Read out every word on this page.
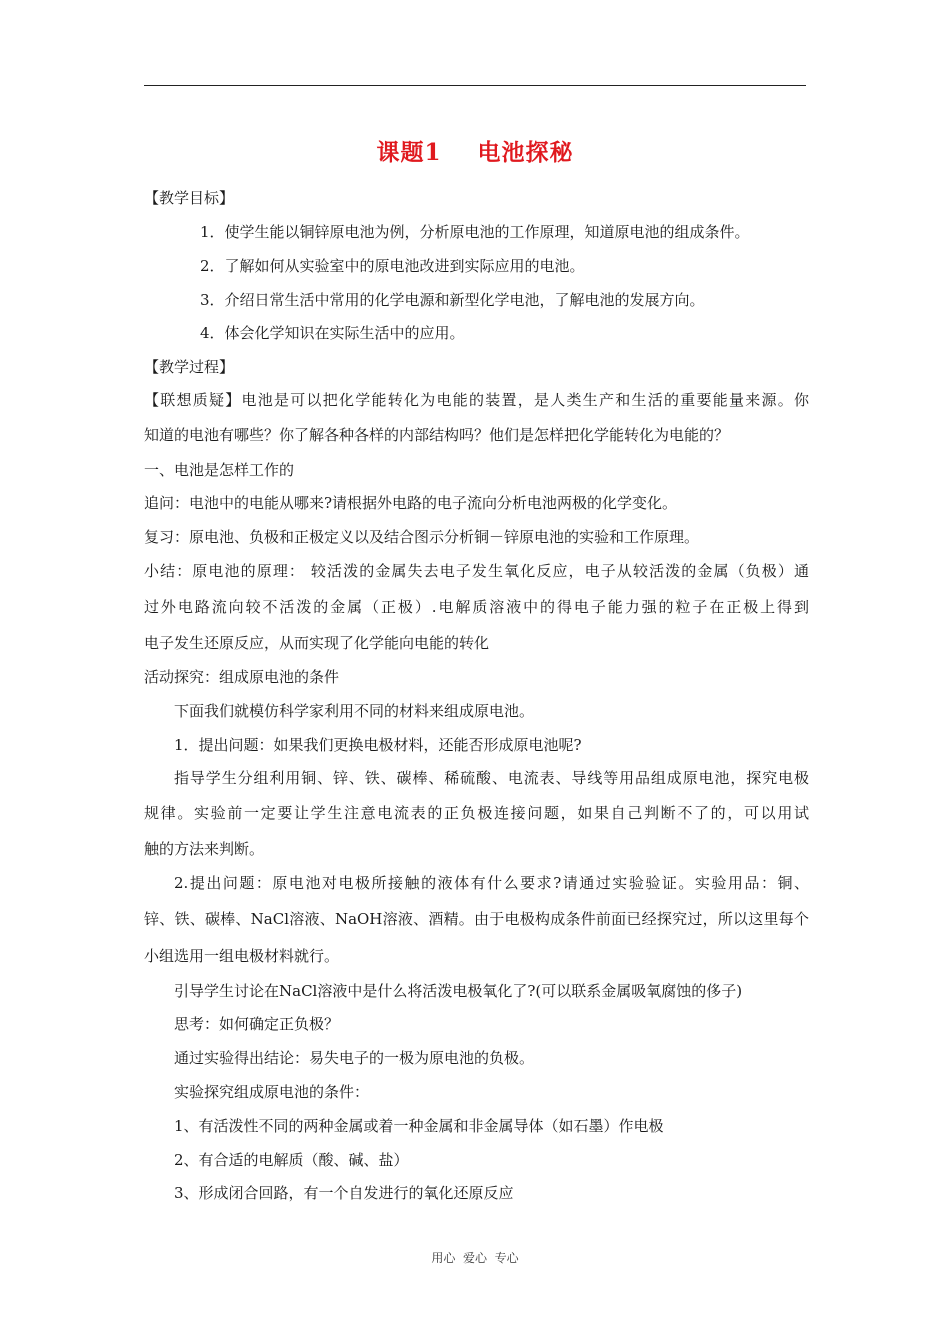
课题1 电池探秘
【教学目标】
1．使学生能以铜锌原电池为例，分析原电池的工作原理，知道原电池的组成条件。
2．了解如何从实验室中的原电池改进到实际应用的电池。
3．介绍日常生活中常用的化学电源和新型化学电池，了解电池的发展方向。
4．体会化学知识在实际生活中的应用。
【教学过程】
【联想质疑】电池是可以把化学能转化为电能的装置，是人类生产和生活的重要能量来源。你
知道的电池有哪些？你了解各种各样的内部结构吗？他们是怎样把化学能转化为电能的？
一、电池是怎样工作的
追问：电池中的电能从哪来?请根据外电路的电子流向分析电池两极的化学变化。
复习：原电池、负极和正极定义以及结合图示分析铜－锌原电池的实验和工作原理。
小结：原电池的原理： 较活泼的金属失去电子发生氧化反应，电子从较活泼的金属（负极）通
过外电路流向较不活泼的金属（正极）.电解质溶液中的得电子能力强的粒子在正极上得到
电子发生还原反应，从而实现了化学能向电能的转化
活动探究：组成原电池的条件
下面我们就模仿科学家利用不同的材料来组成原电池。
1．提出问题：如果我们更换电极材料，还能否形成原电池呢?
指导学生分组利用铜、锌、铁、碳棒、稀硫酸、电流表、导线等用品组成原电池，探究电极
规律。实验前一定要让学生注意电流表的正负极连接问题，如果自己判断不了的，可以用试
触的方法来判断。
2.提出问题：原电池对电极所接触的液体有什么要求?请通过实验验证。实验用品：铜、
锌、铁、碳棒、NaCl溶液、NaOH溶液、酒精。由于电极构成条件前面已经探究过，所以这里每个
小组选用一组电极材料就行。
引导学生讨论在NaCl溶液中是什么将活泼电极氧化了?(可以联系金属吸氧腐蚀的侈子)
思考：如何确定正负极？
通过实验得出结论：易失电子的一极为原电池的负极。
实验探究组成原电池的条件：
1、有活泼性不同的两种金属或着一种金属和非金属导体（如石墨）作电极
2、有合适的电解质（酸、碱、盐）
3、形成闭合回路，有一个自发进行的氧化还原反应
用心  爱心  专心
